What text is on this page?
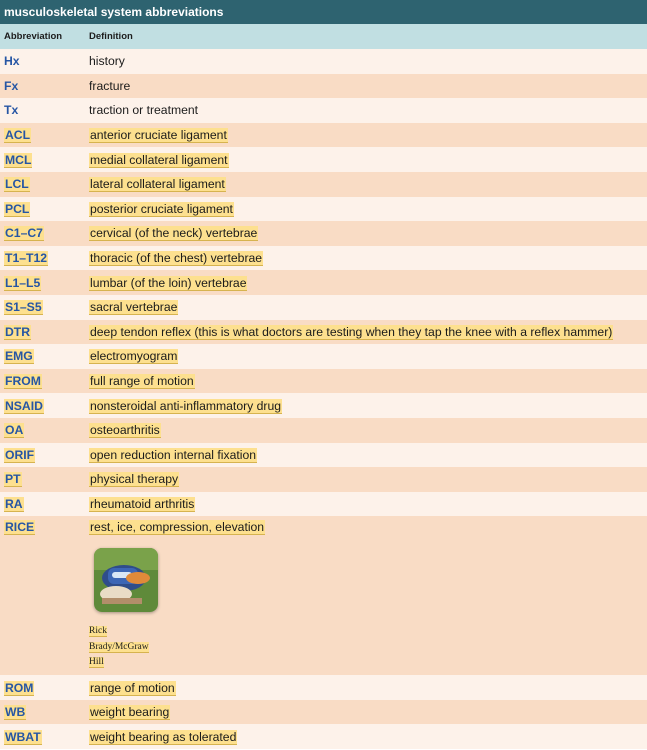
musculoskeletal system abbreviations
Abbreviation	Definition
Hx	history
Fx	fracture
Tx	traction or treatment
ACL	anterior cruciate ligament
MCL	medial collateral ligament
LCL	lateral collateral ligament
PCL	posterior cruciate ligament
C1–C7	cervical (of the neck) vertebrae
T1–T12	thoracic (of the chest) vertebrae
L1–L5	lumbar (of the loin) vertebrae
S1–S5	sacral vertebrae
DTR	deep tendon reflex (this is what doctors are testing when they tap the knee with a reflex hammer)
EMG	electromyogram
FROM	full range of motion
NSAID	nonsteroidal anti-inflammatory drug
OA	osteoarthritis
ORIF	open reduction internal fixation
PT	physical therapy
RA	rheumatoid arthritis
RICE	rest, ice, compression, elevation
Rick
Brady/McGraw
Hill
ROM	range of motion
WB	weight bearing
WBAT	weight bearing as tolerated
